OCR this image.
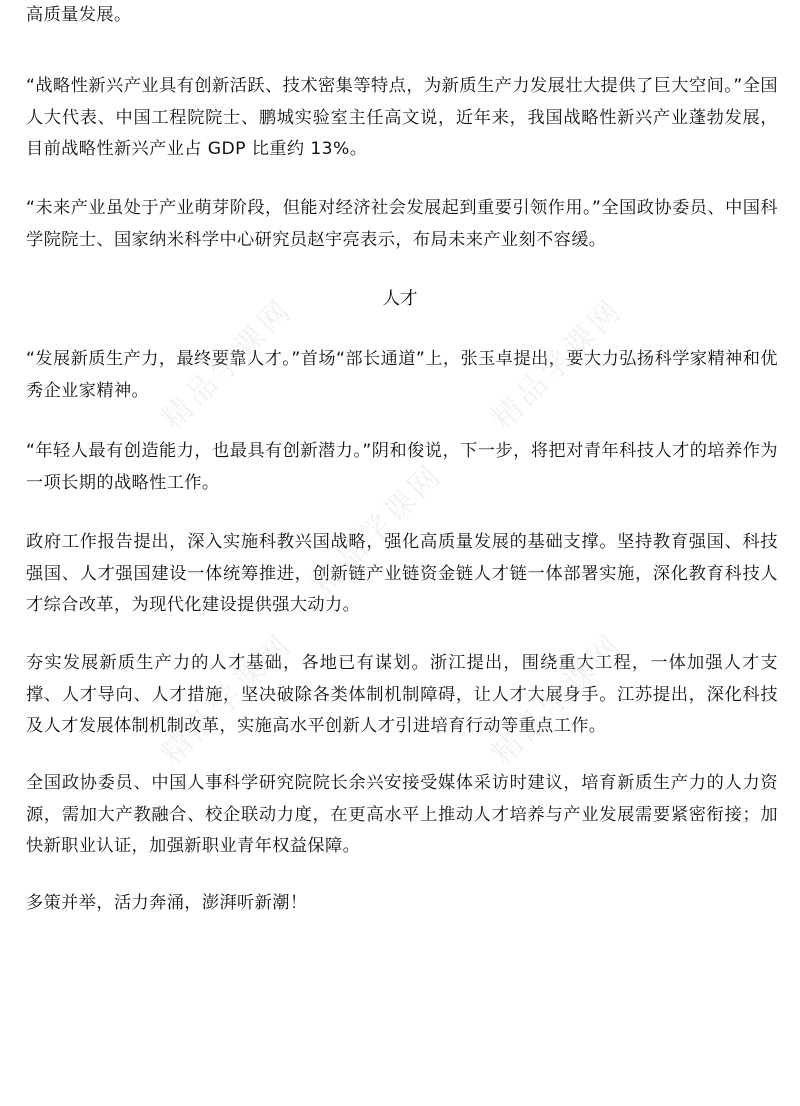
高质量发展。

“战略性新兴产业具有创新活跃、技术密集等特点，为新质生产力发展壮大提供了巨大空间。”全国人大代表、中国工程院院士、鹏城实验室主任高文说，近年来，我国战略性新兴产业蓬勃发展，目前战略性新兴产业占 GDP 比重约 13%。

“未来产业虽处于产业萌芽阶段，但能对经济社会发展起到重要引领作用。”全国政协委员、中国科学院院士、国家纳米科学中心研究员赵宇亮表示，布局未来产业刻不容缓。

人才

“发展新质生产力，最终要靠人才。”首场“部长通道”上，张玉卓提出，要大力弘扬科学家精神和优秀企业家精神。

“年轻人最有创造能力，也最具有创新潜力。”阴和俊说，下一步，将把对青年科技人才的培养作为一项长期的战略性工作。

政府工作报告提出，深入实施科教兴国战略，强化高质量发展的基础支撑。坚持教育强国、科技强国、人才强国建设一体统筹推进，创新链产业链资金链人才链一体部署实施，深化教育科技人才综合改革，为现代化建设提供强大动力。

夯实发展新质生产力的人才基础，各地已有谋划。浙江提出，围绕重大工程，一体加强人才支撑、人才导向、人才措施，坚决破除各类体制机制障碍，让人才大展身手。江苏提出，深化科技及人才发展体制机制改革，实施高水平创新人才引进培育行动等重点工作。

全国政协委员、中国人事科学研究院院长余兴安接受媒体采访时建议，培育新质生产力的人力资源，需加大产教融合、校企联动力度，在更高水平上推动人才培养与产业发展需要紧密衔接；加快新职业认证，加强新职业青年权益保障。

多策并举，活力奔涌，澎湃听新潮！

精品学课网	精品学课网
精品学课网
精品学课网	精品学课网
